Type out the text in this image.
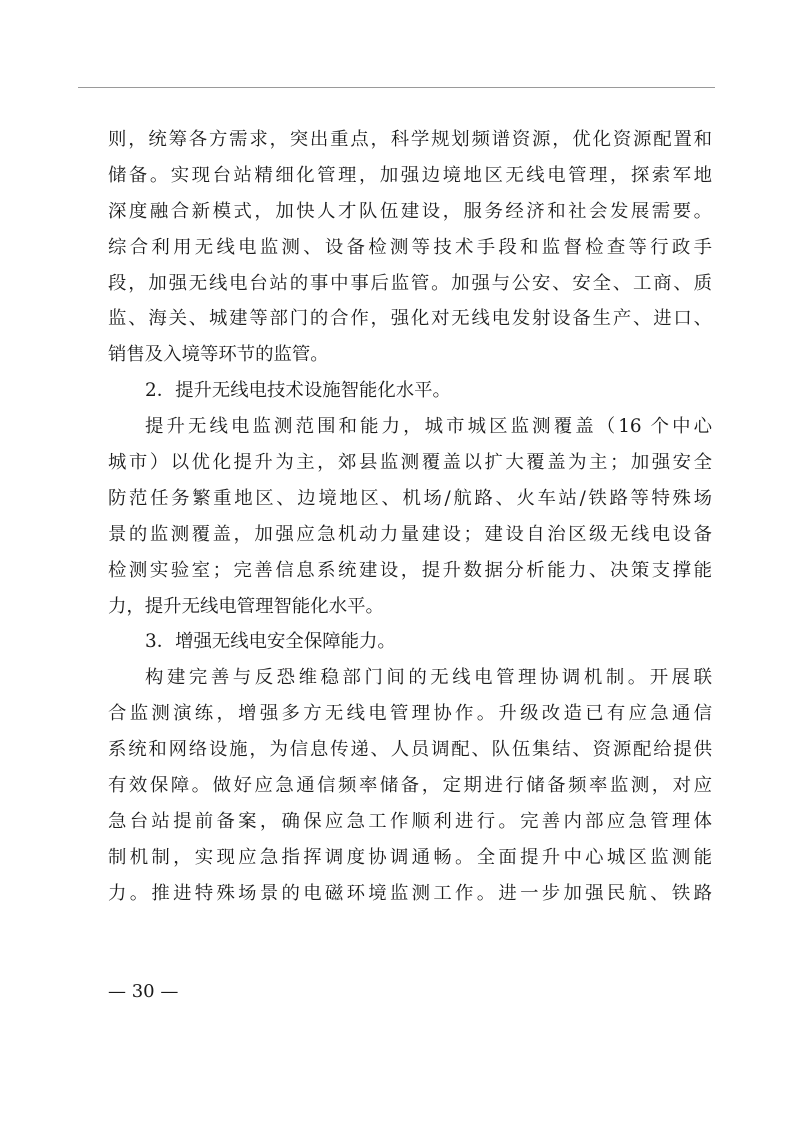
则，统筹各方需求，突出重点，科学规划频谱资源，优化资源配置和
储备。实现台站精细化管理，加强边境地区无线电管理，探索军地
深度融合新模式，加快人才队伍建设，服务经济和社会发展需要。
综合利用无线电监测、设备检测等技术手段和监督检查等行政手
段，加强无线电台站的事中事后监管。加强与公安、安全、工商、质
监、海关、城建等部门的合作，强化对无线电发射设备生产、进口、
销售及入境等环节的监管。
2．提升无线电技术设施智能化水平。
提升无线电监测范围和能力，城市城区监测覆盖（16 个中心
城市）以优化提升为主，郊县监测覆盖以扩大覆盖为主；加强安全
防范任务繁重地区、边境地区、机场/航路、火车站/铁路等特殊场
景的监测覆盖，加强应急机动力量建设；建设自治区级无线电设备
检测实验室；完善信息系统建设，提升数据分析能力、决策支撑能
力，提升无线电管理智能化水平。
3．增强无线电安全保障能力。
构建完善与反恐维稳部门间的无线电管理协调机制。开展联
合监测演练，增强多方无线电管理协作。升级改造已有应急通信
系统和网络设施，为信息传递、人员调配、队伍集结、资源配给提供
有效保障。做好应急通信频率储备，定期进行储备频率监测，对应
急台站提前备案，确保应急工作顺利进行。完善内部应急管理体
制机制，实现应急指挥调度协调通畅。全面提升中心城区监测能
力。推进特殊场景的电磁环境监测工作。进一步加强民航、铁路
— 30 —
